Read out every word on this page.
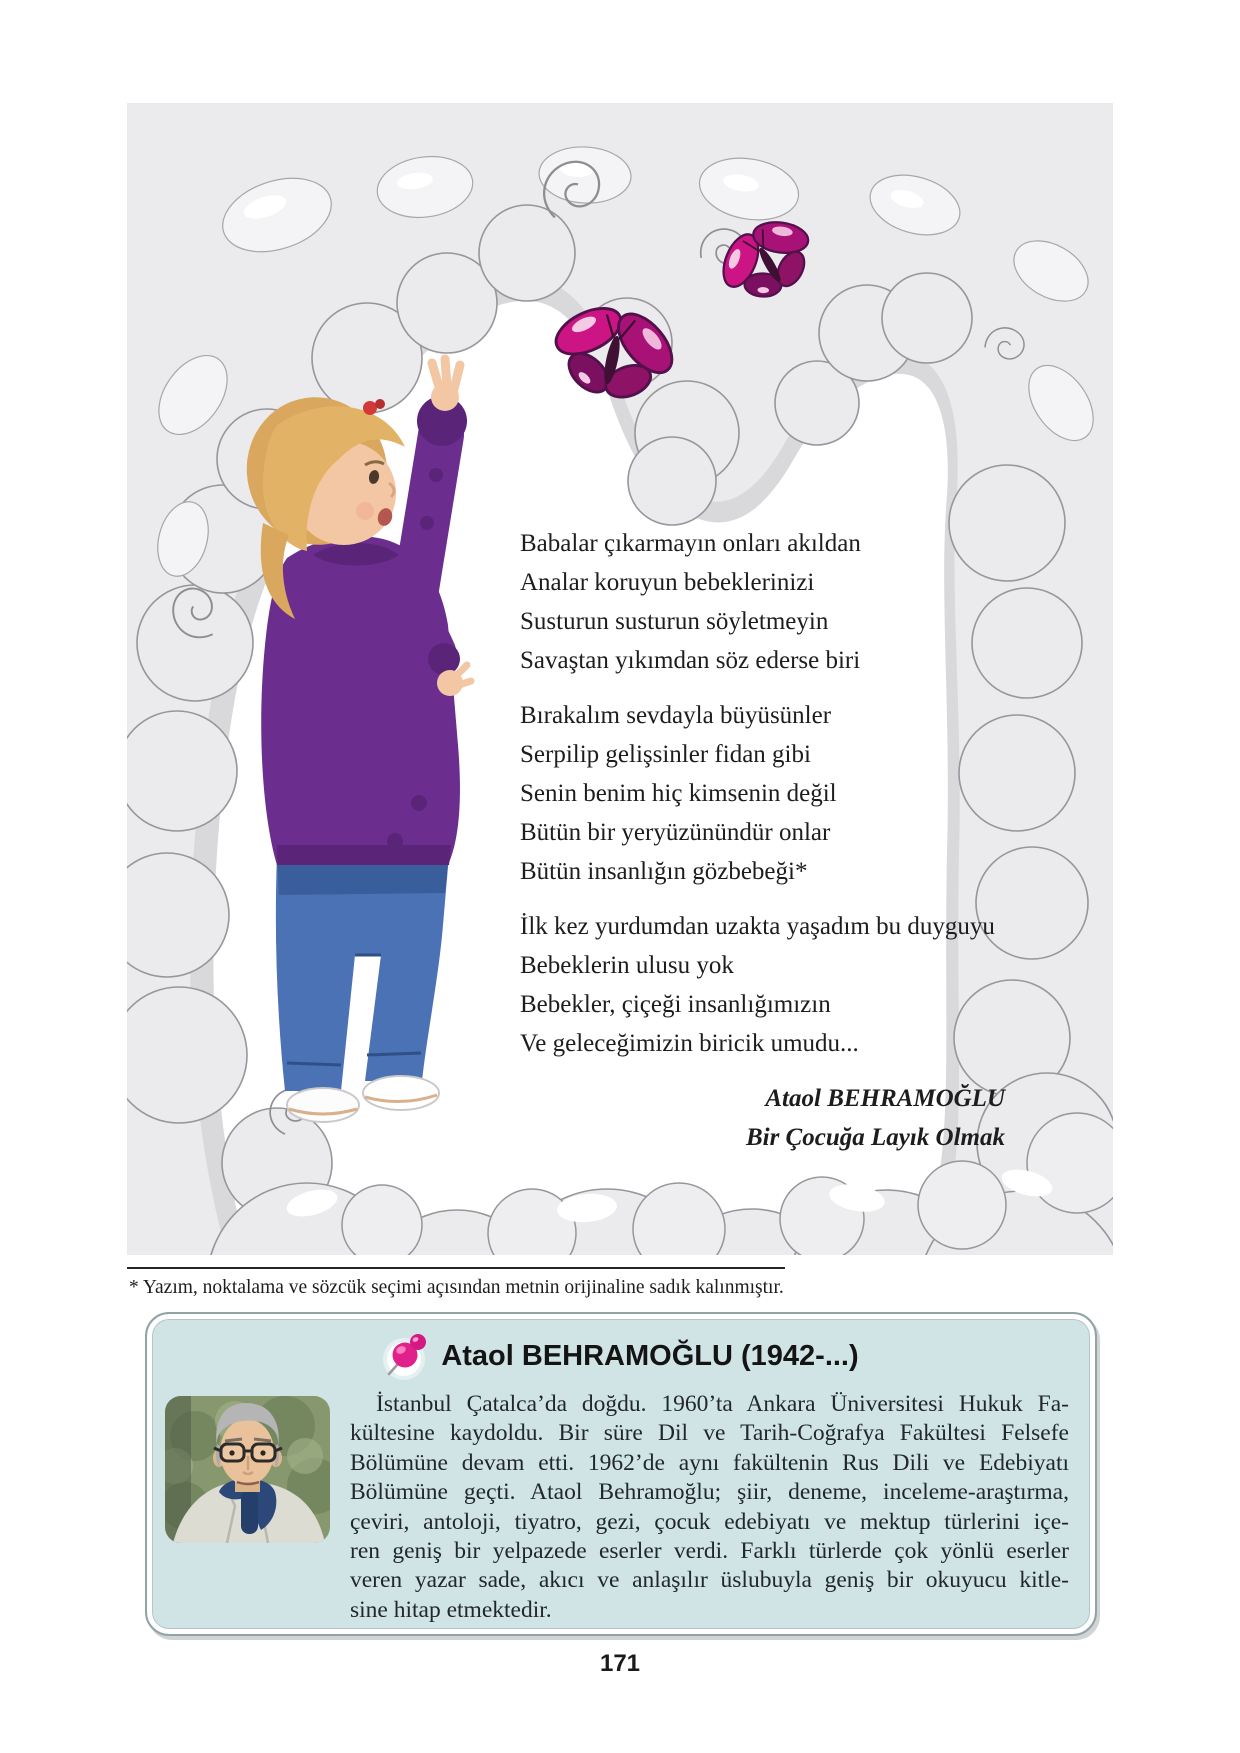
Babalar çıkarmayın onları akıldan
Analar koruyun bebeklerinizi
Susturun susturun söyletmeyin
Savaştan yıkımdan söz ederse biri
Bırakalım sevdayla büyüsünler
Serpilip gelişsinler fidan gibi
Senin benim hiç kimsenin değil
Bütün bir yeryüzünündür onlar
Bütün insanlığın gözbebeği*
İlk kez yurdumdan uzakta yaşadım bu duyguyu
Bebeklerin ulusu yok
Bebekler, çiçeği insanlığımızın
Ve geleceğimizin biricik umudu...
Ataol BEHRAMOĞLU
Bir Çocuğa Layık Olmak
* Yazım, noktalama ve sözcük seçimi açısından metnin orijinaline sadık kalınmıştır.
Ataol BEHRAMOĞLU (1942-...)
İstanbul Çatalca’da doğdu. 1960’ta Ankara Üniversitesi Hukuk Fa-
kültesine kaydoldu. Bir süre Dil ve Tarih-Coğrafya Fakültesi Felsefe
Bölümüne devam etti. 1962’de aynı fakültenin Rus Dili ve Edebiyatı
Bölümüne geçti. Ataol Behramoğlu; şiir, deneme, inceleme-araştırma,
çeviri, antoloji, tiyatro, gezi, çocuk edebiyatı ve mektup türlerini içe-
ren geniş bir yelpazede eserler verdi. Farklı türlerde çok yönlü eserler
veren yazar sade, akıcı ve anlaşılır üslubuyla geniş bir okuyucu kitle-
sine hitap etmektedir.
171
